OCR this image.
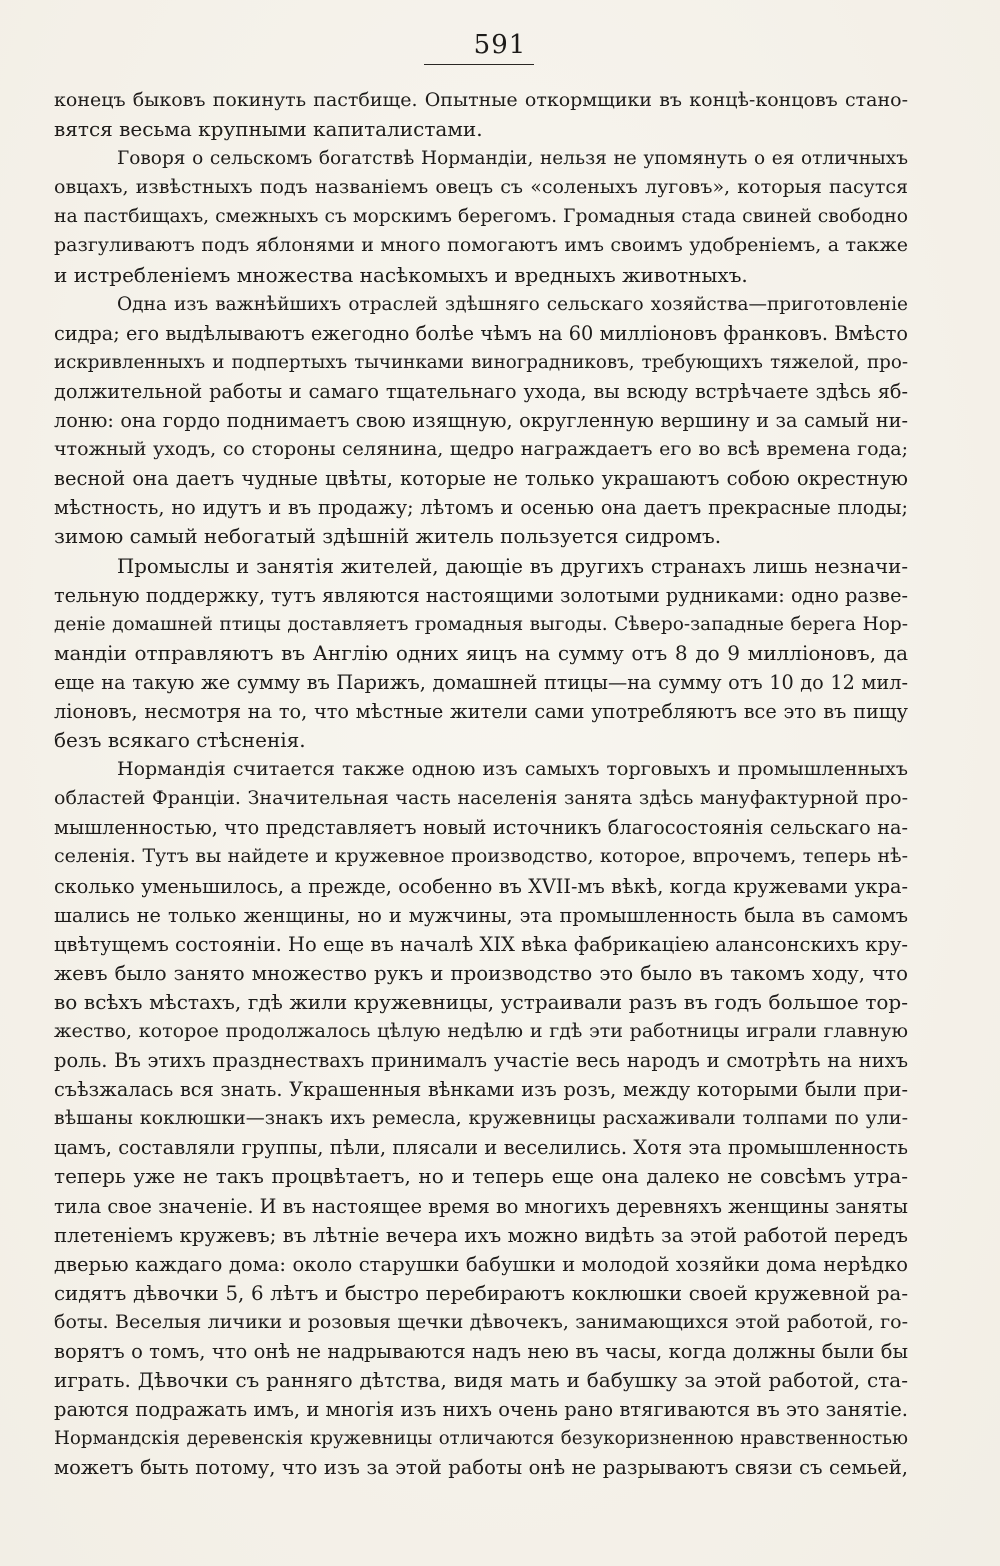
591
конецъ быковъ покинуть пастбище. Опытные откормщики въ концѣ-концовъ стано-
вятся весьма крупными капиталистами.
Говоря о сельскомъ богатствѣ Нормандіи, нельзя не упомянуть о ея отличныхъ
овцахъ, извѣстныхъ подъ названіемъ овецъ съ «соленыхъ луговъ», которыя пасутся
на пастбищахъ, смежныхъ съ морскимъ берегомъ. Громадныя стада свиней свободно
разгуливаютъ подъ яблонями и много помогаютъ имъ своимъ удобреніемъ, а также
и истребленіемъ множества насѣкомыхъ и вредныхъ животныхъ.
Одна изъ важнѣйшихъ отраслей здѣшняго сельскаго хозяйства—приготовленіе
сидра; его выдѣлываютъ ежегодно болѣе чѣмъ на 60 милліоновъ франковъ. Вмѣсто
искривленныхъ и подпертыхъ тычинками виноградниковъ, требующихъ тяжелой, про-
должительной работы и самаго тщательнаго ухода, вы всюду встрѣчаете здѣсь яб-
лоню: она гордо поднимаетъ свою изящную, округленную вершину и за самый ни-
чтожный уходъ, со стороны селянина, щедро награждаетъ его во всѣ времена года;
весной она даетъ чудные цвѣты, которые не только украшаютъ собою окрестную
мѣстность, но идутъ и въ продажу; лѣтомъ и осенью она даетъ прекрасные плоды;
зимою самый небогатый здѣшній житель пользуется сидромъ.
Промыслы и занятія жителей, дающіе въ другихъ странахъ лишь незначи-
тельную поддержку, тутъ являются настоящими золотыми рудниками: одно разве-
деніе домашней птицы доставляетъ громадныя выгоды. Сѣверо-западные берега Нор-
мандіи отправляютъ въ Англію одних яицъ на сумму отъ 8 до 9 милліоновъ, да
еще на такую же сумму въ Парижъ, домашней птицы—на сумму отъ 10 до 12 мил-
ліоновъ, несмотря на то, что мѣстные жители сами употребляютъ все это въ пищу
безъ всякаго стѣсненія.
Нормандія считается также одною изъ самыхъ торговыхъ и промышленныхъ
областей Франціи. Значительная часть населенія занята здѣсь мануфактурной про-
мышленностью, что представляетъ новый источникъ благосостоянія сельскаго на-
селенія. Тутъ вы найдете и кружевное производство, которое, впрочемъ, теперь нѣ-
сколько уменьшилось, а прежде, особенно въ XVII-мъ вѣкѣ, когда кружевами укра-
шались не только женщины, но и мужчины, эта промышленность была въ самомъ
цвѣтущемъ состояніи. Но еще въ началѣ XIX вѣка фабрикаціею алансонскихъ кру-
жевъ было занято множество рукъ и производство это было въ такомъ ходу, что
во всѣхъ мѣстахъ, гдѣ жили кружевницы, устраивали разъ въ годъ большое тор-
жество, которое продолжалось цѣлую недѣлю и гдѣ эти работницы играли главную
роль. Въ этихъ празднествахъ принималъ участіе весь народъ и смотрѣть на нихъ
съѣзжалась вся знать. Украшенныя вѣнками изъ розъ, между которыми были при-
вѣшаны коклюшки—знакъ ихъ ремесла, кружевницы расхаживали толпами по ули-
цамъ, составляли группы, пѣли, плясали и веселились. Хотя эта промышленность
теперь уже не такъ процвѣтаетъ, но и теперь еще она далеко не совсѣмъ утра-
тила свое значеніе. И въ настоящее время во многихъ деревняхъ женщины заняты
плетеніемъ кружевъ; въ лѣтніе вечера ихъ можно видѣть за этой работой передъ
дверью каждаго дома: около старушки бабушки и молодой хозяйки дома нерѣдко
сидятъ дѣвочки 5, 6 лѣтъ и быстро перебираютъ коклюшки своей кружевной ра-
боты. Веселыя личики и розовыя щечки дѣвочекъ, занимающихся этой работой, го-
ворятъ о томъ, что онѣ не надрываются надъ нею въ часы, когда должны были бы
играть. Дѣвочки съ ранняго дѣтства, видя мать и бабушку за этой работой, ста-
раются подражать имъ, и многія изъ нихъ очень рано втягиваются въ это занятіе.
Нормандскія деревенскія кружевницы отличаются безукоризненною нравственностью
можетъ быть потому, что изъ за этой работы онѣ не разрываютъ связи съ семьей,
